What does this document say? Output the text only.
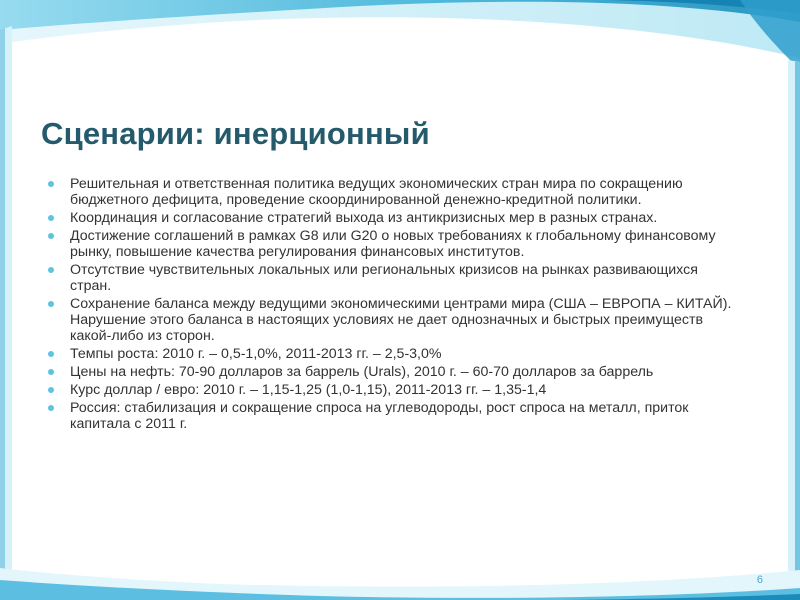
Сценарии: инерционный
Решительная и ответственная политика ведущих экономических стран мира по сокращению бюджетного дефицита, проведение скоординированной денежно-кредитной политики.
Координация и согласование стратегий выхода из антикризисных мер в разных странах.
Достижение соглашений в рамках G8 или G20 о новых требованиях к глобальному финансовому рынку, повышение качества регулирования финансовых институтов.
Отсутствие чувствительных локальных или региональных кризисов на рынках развивающихся стран.
Сохранение баланса между ведущими экономическими центрами мира (США – ЕВРОПА – КИТАЙ). Нарушение этого баланса в настоящих условиях не дает однозначных и быстрых преимуществ какой-либо из сторон.
Темпы роста: 2010 г. – 0,5-1,0%, 2011-2013 гг. – 2,5-3,0%
Цены на нефть: 70-90 долларов за баррель (Urals), 2010 г. – 60-70 долларов за баррель
Курс доллар / евро: 2010 г. – 1,15-1,25 (1,0-1,15), 2011-2013 гг. – 1,35-1,4
Россия: стабилизация и сокращение спроса на углеводороды, рост спроса на металл, приток капитала с 2011 г.
6
